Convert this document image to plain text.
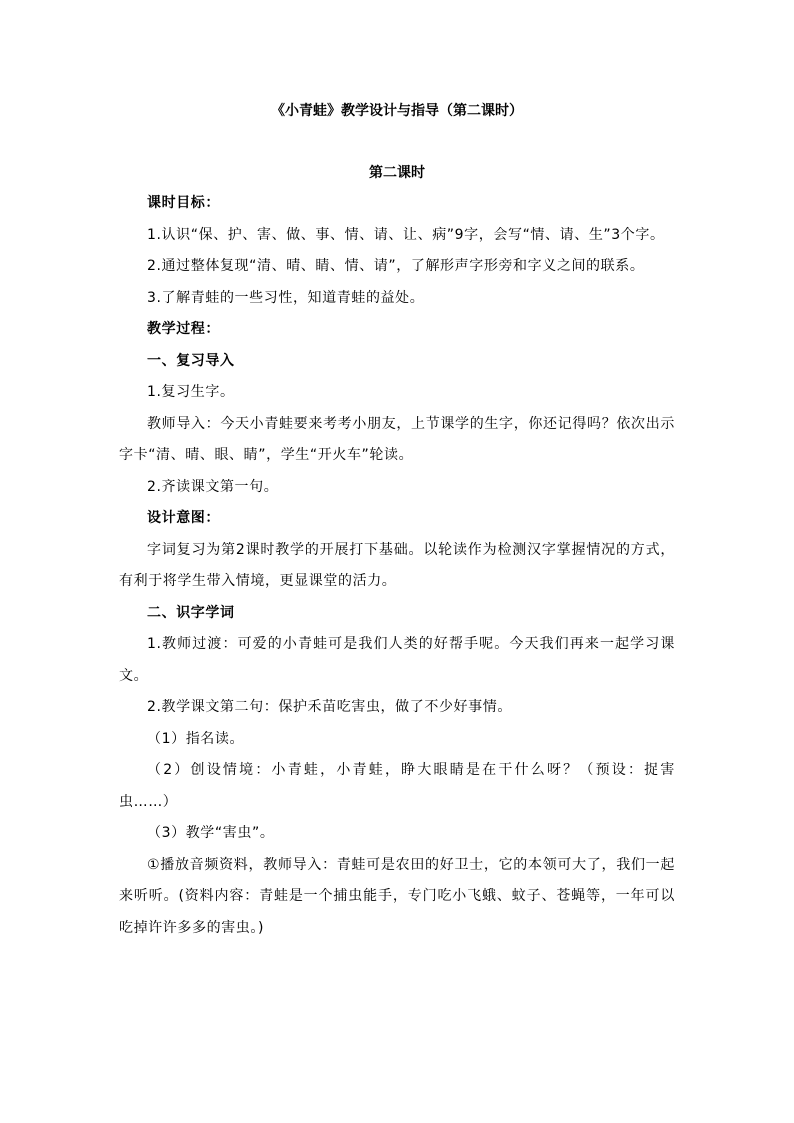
《小青蛙》教学设计与指导（第二课时）

第二课时

课时目标：

1.认识“保、护、害、做、事、情、请、让、病”9字，会写“情、请、生”3个字。

2.通过整体复现“清、晴、睛、情、请”，了解形声字形旁和字义之间的联系。

3.了解青蛙的一些习性，知道青蛙的益处。

教学过程：

一、复习导入

1.复习生字。

教师导入：今天小青蛙要来考考小朋友，上节课学的生字，你还记得吗？依次出示字卡“清、晴、眼、睛”，学生“开火车”轮读。

2.齐读课文第一句。

设计意图：

字词复习为第2课时教学的开展打下基础。以轮读作为检测汉字掌握情况的方式，有利于将学生带入情境，更显课堂的活力。

二、识字学词

1.教师过渡：可爱的小青蛙可是我们人类的好帮手呢。今天我们再来一起学习课文。

2.教学课文第二句：保护禾苗吃害虫，做了不少好事情。

（1）指名读。

（2）创设情境：小青蛙，小青蛙，睁大眼睛是在干什么呀？（预设：捉害虫……）

（3）教学“害虫”。

①播放音频资料，教师导入：青蛙可是农田的好卫士，它的本领可大了，我们一起来听听。(资料内容：青蛙是一个捕虫能手，专门吃小飞蛾、蚊子、苍蝇等，一年可以吃掉许许多多的害虫。)
